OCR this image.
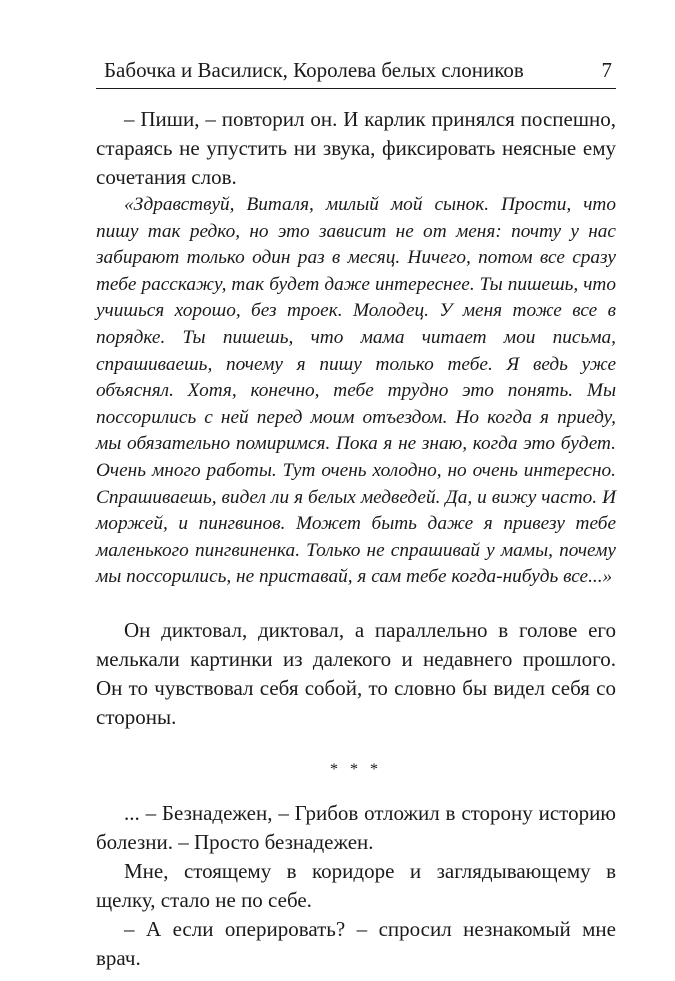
Бабочка и Василиск, Королева белых слоников	7

– Пиши, – повторил он. И карлик принялся поспешно, стараясь не упустить ни звука, фиксировать неясные ему сочетания слов.

«Здравствуй, Виталя, милый мой сынок. Прости, что пишу так редко, но это зависит не от меня: почту у нас забирают только один раз в месяц. Ничего, потом все сразу тебе расскажу, так будет даже интереснее. Ты пишешь, что учишься хорошо, без троек. Молодец. У меня тоже все в порядке. Ты пишешь, что мама читает мои письма, спрашиваешь, почему я пишу только тебе. Я ведь уже объяснял. Хотя, конечно, тебе трудно это понять. Мы поссорились с ней перед моим отъездом. Но когда я приеду, мы обязательно помиримся. Пока я не знаю, когда это будет. Очень много работы. Тут очень холодно, но очень интересно. Спрашиваешь, видел ли я белых медведей. Да, и вижу часто. И моржей, и пингвинов. Может быть даже я привезу тебе маленького пингвиненка. Только не спрашивай у мамы, почему мы поссорились, не приставай, я сам тебе когда-нибудь все...»

Он диктовал, диктовал, а параллельно в голове его мелькали картинки из далекого и недавнего прошлого. Он то чувствовал себя собой, то словно бы видел себя со стороны.

* * *

... – Безнадежен, – Грибов отложил в сторону историю болезни. – Просто безнадежен.

Мне, стоящему в коридоре и заглядывающему в щелку, стало не по себе.

– А если оперировать? – спросил незнакомый мне врач.
